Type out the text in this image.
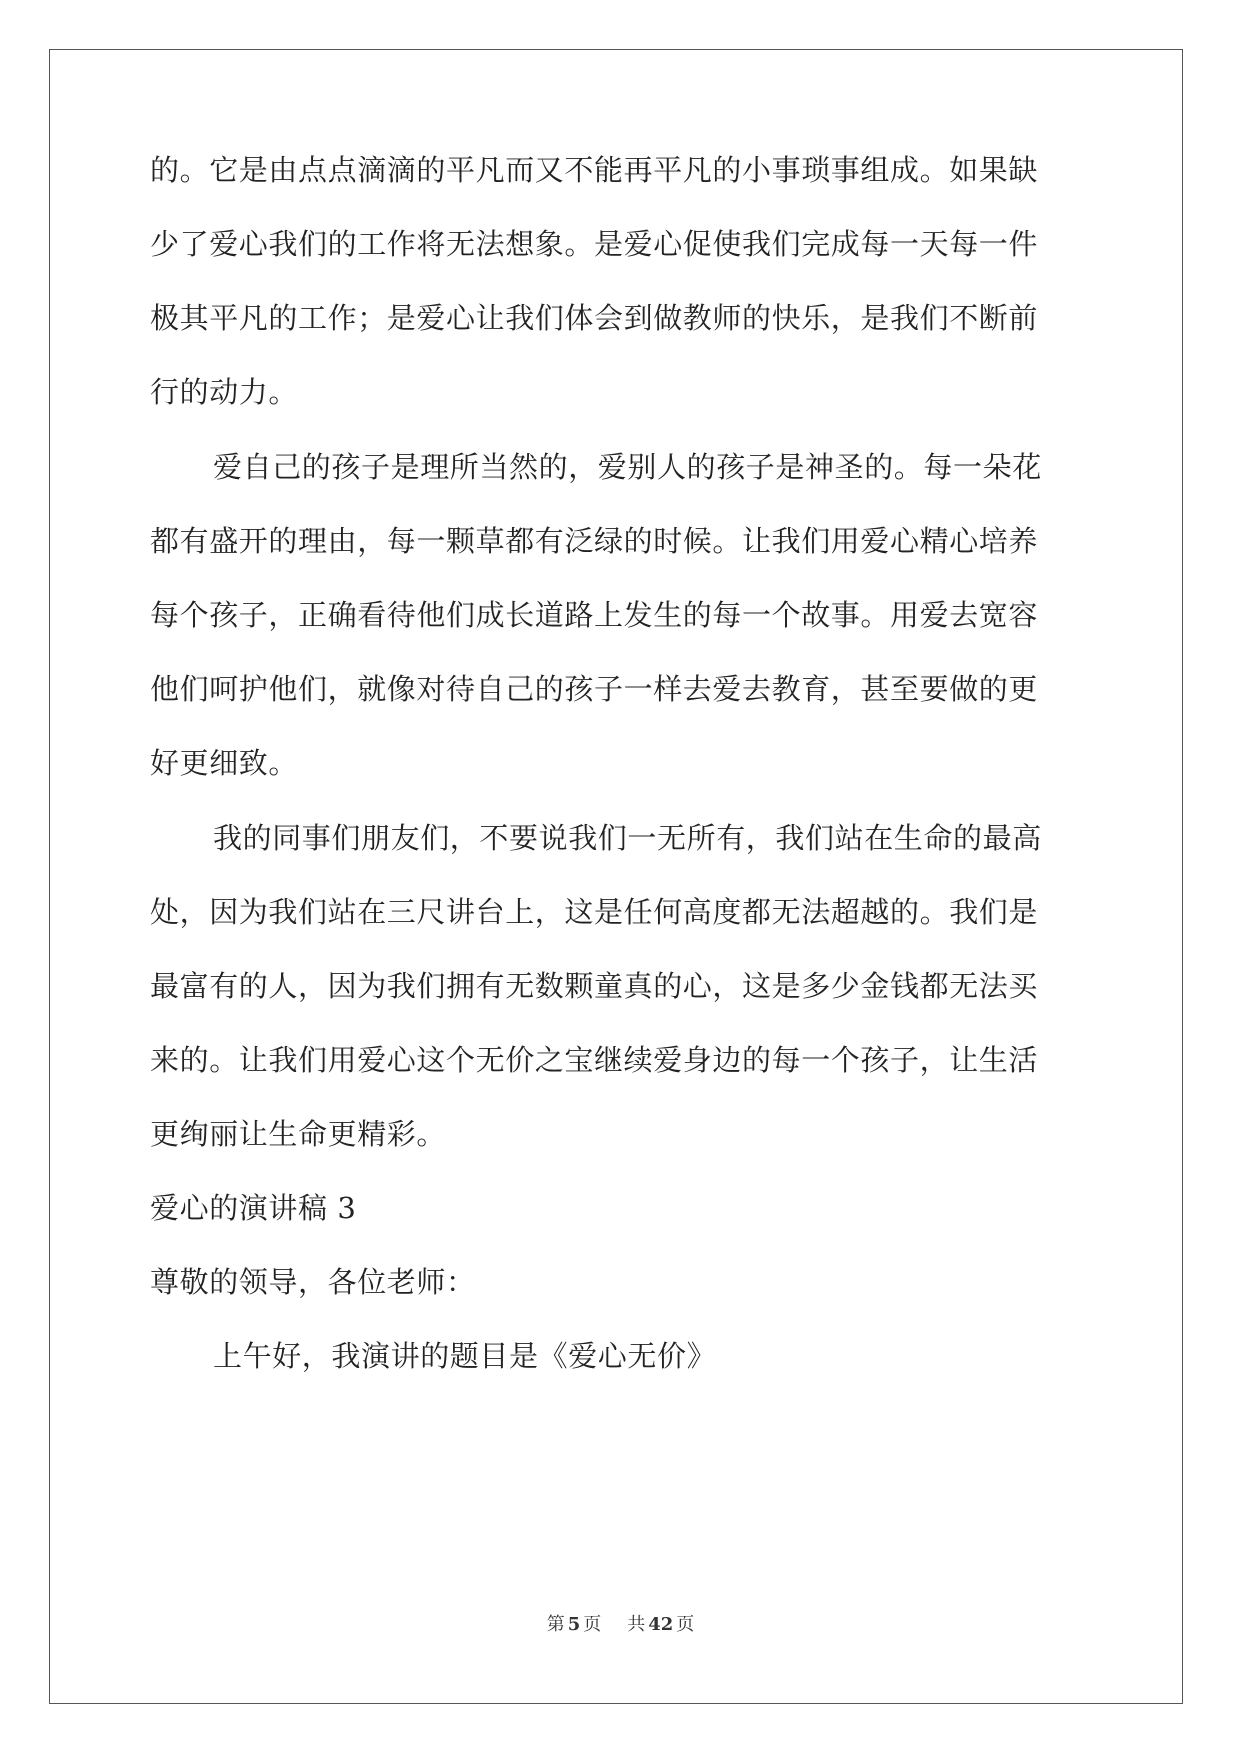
的。它是由点点滴滴的平凡而又不能再平凡的小事琐事组成。如果缺
少了爱心我们的工作将无法想象。是爱心促使我们完成每一天每一件
极其平凡的工作；是爱心让我们体会到做教师的快乐，是我们不断前
行的动力。
爱自己的孩子是理所当然的，爱别人的孩子是神圣的。每一朵花
都有盛开的理由，每一颗草都有泛绿的时候。让我们用爱心精心培养
每个孩子，正确看待他们成长道路上发生的每一个故事。用爱去宽容
他们呵护他们，就像对待自己的孩子一样去爱去教育，甚至要做的更
好更细致。
我的同事们朋友们，不要说我们一无所有，我们站在生命的最高
处，因为我们站在三尺讲台上，这是任何高度都无法超越的。我们是
最富有的人，因为我们拥有无数颗童真的心，这是多少金钱都无法买
来的。让我们用爱心这个无价之宝继续爱身边的每一个孩子，让生活
更绚丽让生命更精彩。
爱心的演讲稿 3
尊敬的领导，各位老师：
上午好，我演讲的题目是《爱心无价》
第 5 页 共 42 页
